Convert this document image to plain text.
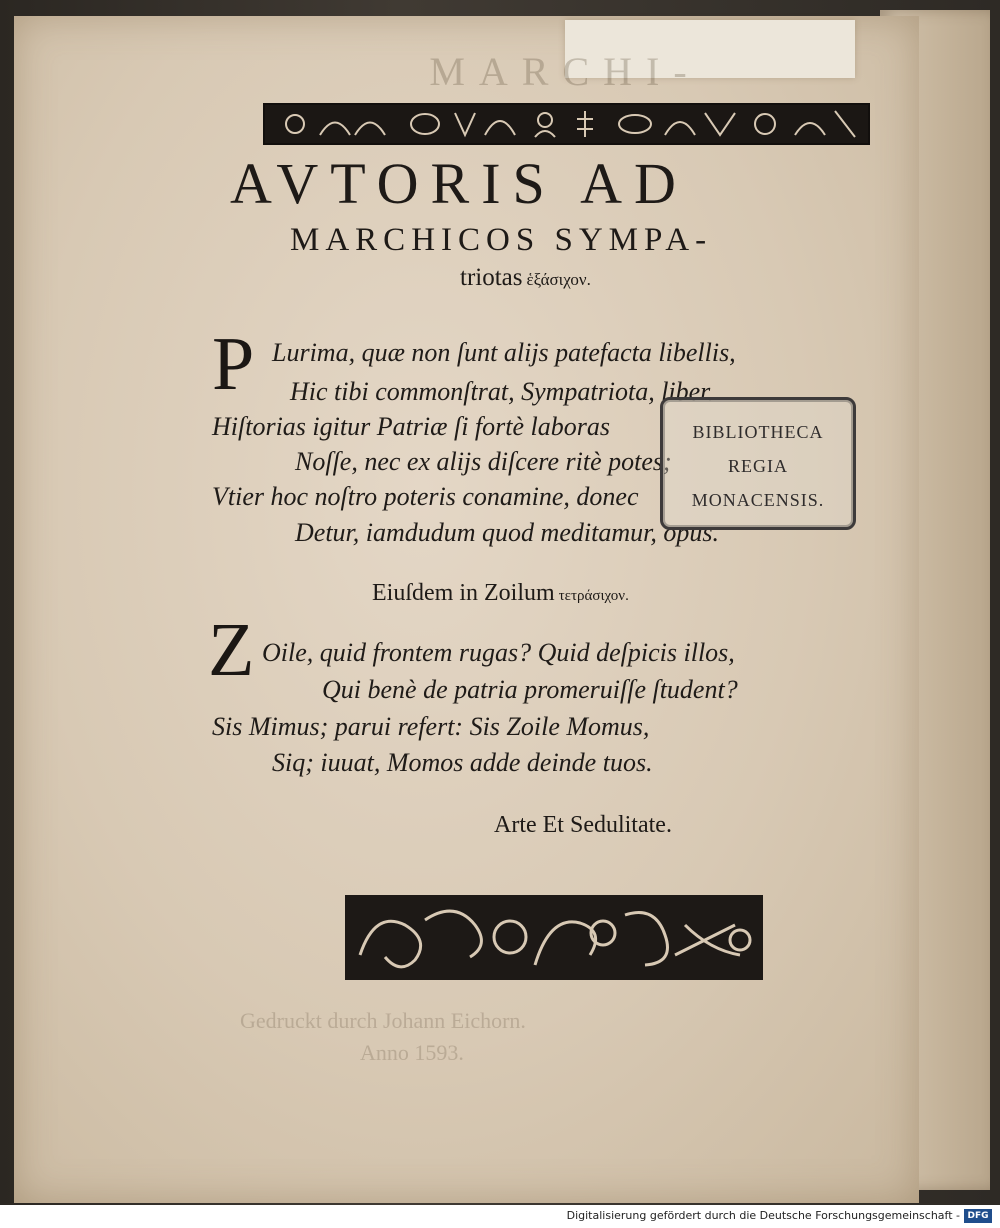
MARCHI-
AVTORIS AD
MARCHICOS SYMPA-
triotas ἑξάσιχον.
P Lurima, quæ non ſunt alijs patefacta libellis,
Hic tibi commonſtrat, Sympatriota, liber.
Hiſtorias igitur Patriæ ſi fortè laboras
Noſſe, nec ex alijs diſcere ritè potes;
Vtier hoc noſtro poteris conamine, donec
Detur, iamdudum quod meditamur, opus.
BIBLIOTHECA
REGIA
MONACENSIS.
Eiuſdem in Zoilum τετράσιχον.
Z Oile, quid frontem rugas? Quid deſpicis illos,
Qui benè de patria promeruiſſe ſtudent?
Sis Mimus; parui refert: Sis Zoile Momus,
Siq; iuuat, Momos adde deinde tuos.
Arte Et Sedulitate.
Gedruckt durch Johann Eichorn.
Anno 1593.
Digitalisierung gefördert durch die Deutsche Forschungsgemeinschaft - DFG
